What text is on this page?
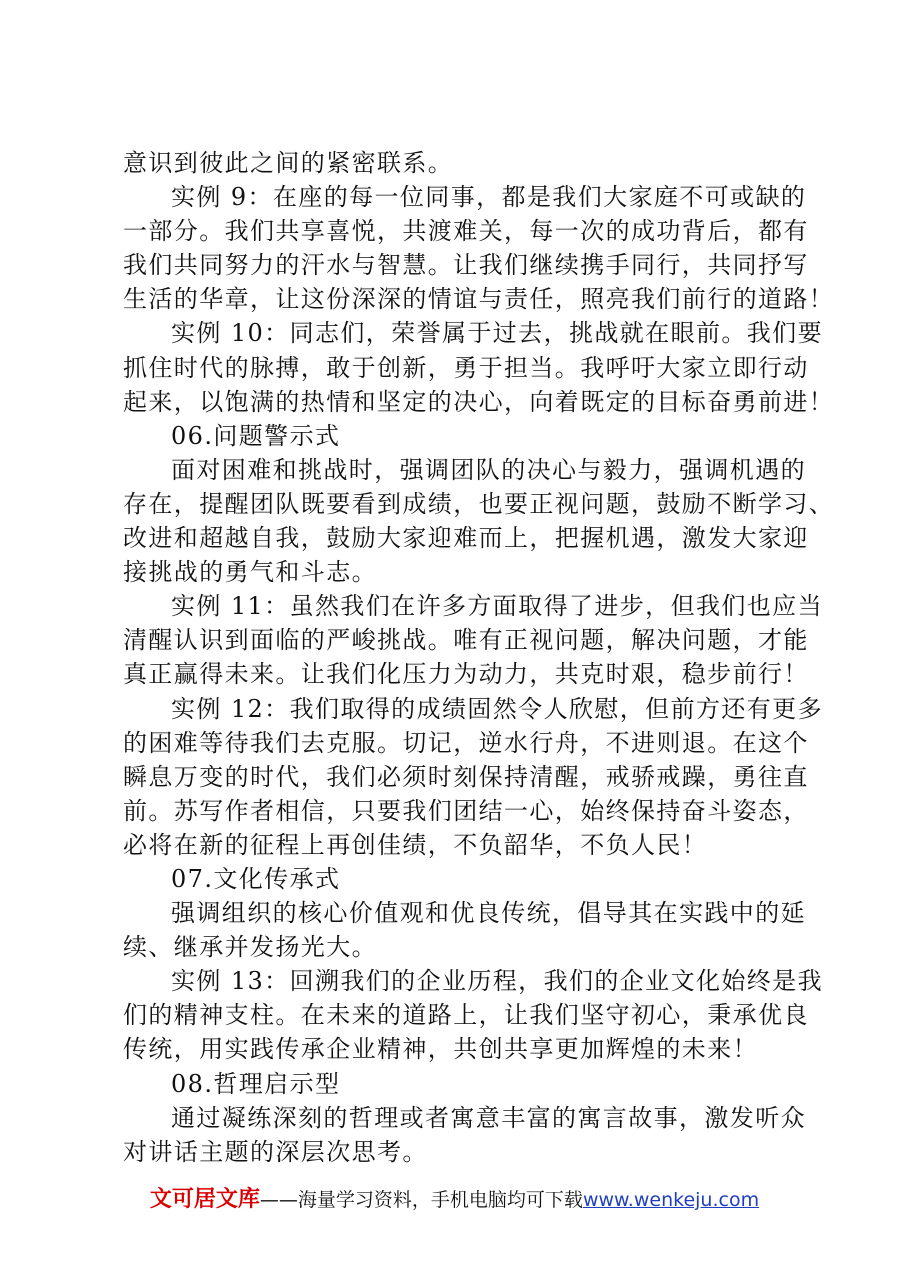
意识到彼此之间的紧密联系。

实例 9：在座的每一位同事，都是我们大家庭不可或缺的

一部分。我们共享喜悦，共渡难关，每一次的成功背后，都有

我们共同努力的汗水与智慧。让我们继续携手同行，共同抒写

生活的华章，让这份深深的情谊与责任，照亮我们前行的道路！

实例 10：同志们，荣誉属于过去，挑战就在眼前。我们要

抓住时代的脉搏，敢于创新，勇于担当。我呼吁大家立即行动

起来，以饱满的热情和坚定的决心，向着既定的目标奋勇前进！

06.问题警示式

面对困难和挑战时，强调团队的决心与毅力，强调机遇的

存在，提醒团队既要看到成绩，也要正视问题，鼓励不断学习、

改进和超越自我，鼓励大家迎难而上，把握机遇，激发大家迎

接挑战的勇气和斗志。

实例 11：虽然我们在许多方面取得了进步，但我们也应当

清醒认识到面临的严峻挑战。唯有正视问题，解决问题，才能

真正赢得未来。让我们化压力为动力，共克时艰，稳步前行！

实例 12：我们取得的成绩固然令人欣慰，但前方还有更多

的困难等待我们去克服。切记，逆水行舟，不进则退。在这个

瞬息万变的时代，我们必须时刻保持清醒，戒骄戒躁，勇往直

前。苏写作者相信，只要我们团结一心，始终保持奋斗姿态，

必将在新的征程上再创佳绩，不负韶华，不负人民！

07.文化传承式

强调组织的核心价值观和优良传统，倡导其在实践中的延

续、继承并发扬光大。

实例 13：回溯我们的企业历程，我们的企业文化始终是我

们的精神支柱。在未来的道路上，让我们坚守初心，秉承优良

传统，用实践传承企业精神，共创共享更加辉煌的未来！

08.哲理启示型

通过凝练深刻的哲理或者寓意丰富的寓言故事，激发听众

对讲话主题的深层次思考。

文可居文库——海量学习资料，手机电脑均可下载www.wenkeju.com
